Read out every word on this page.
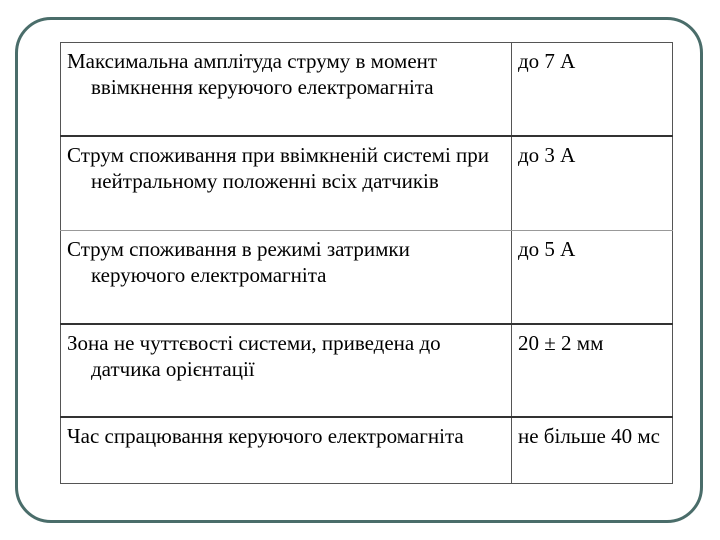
Максимальна амплітуда струму в момент ввімкнення керуючого електромагніта	до 7 А

Струм споживання при ввімкненій системі при нейтральному положенні всіх датчиків	до 3 А

Струм споживання в режимі затримки керуючого електромагніта	до 5 А

Зона не чуттєвості системи, приведена до датчика орієнтації	20 ± 2 мм

Час спрацювання керуючого електромагніта	не більше 40 мс
